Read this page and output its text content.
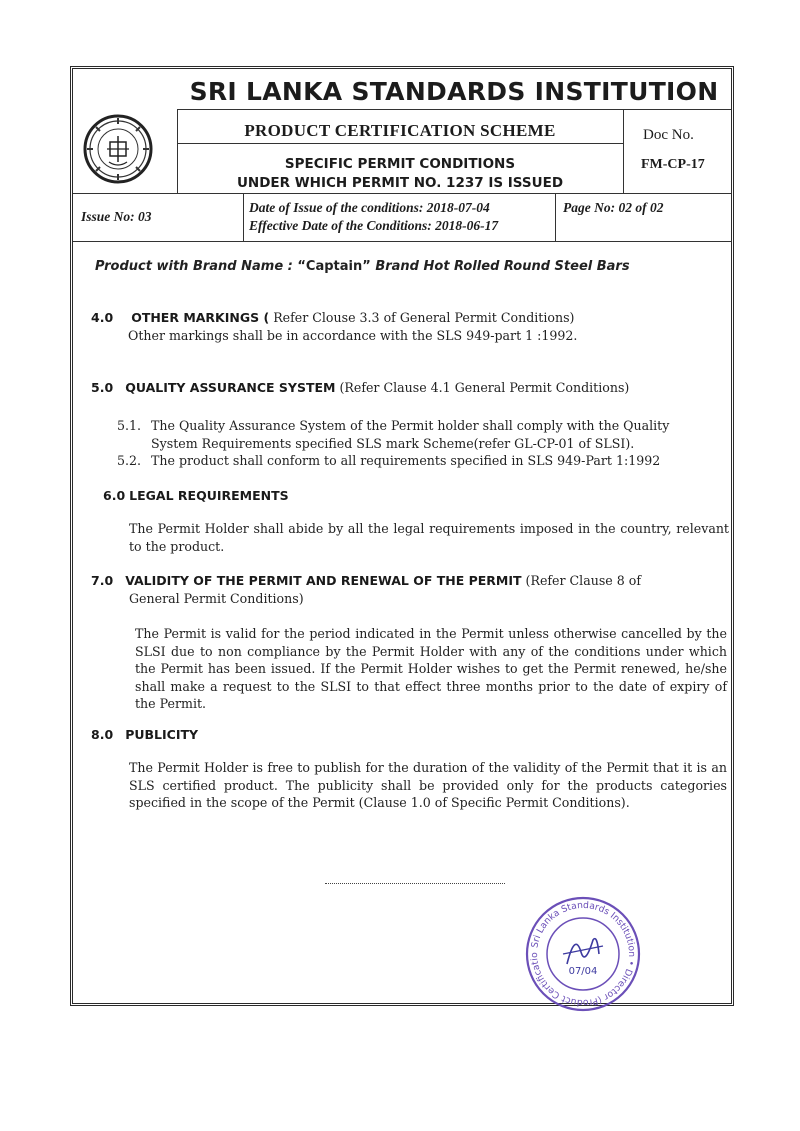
SRI LANKA STANDARDS INSTITUTION
PRODUCT CERTIFICATION SCHEME
SPECIFIC PERMIT CONDITIONS
UNDER WHICH PERMIT NO. 1237 IS ISSUED
Doc No.
FM-CP-17
Issue No: 03
Date of Issue of the conditions: 2018-07-04
Effective Date of the Conditions: 2018-06-17
Page No: 02 of 02
Product with Brand Name : “Captain” Brand Hot Rolled Round Steel Bars
4.0 OTHER MARKINGS ( Refer Clouse 3.3 of General Permit Conditions)
Other markings shall be in accordance with the SLS 949-part 1 :1992.
5.0 QUALITY ASSURANCE SYSTEM (Refer Clause 4.1 General Permit Conditions)
5.1. The Quality Assurance System of the Permit holder shall comply with the Quality
System Requirements specified SLS mark Scheme(refer GL-CP-01 of SLSI).
5.2. The product shall conform to all requirements specified in SLS 949-Part 1:1992
6.0 LEGAL REQUIREMENTS
The Permit Holder shall abide by all the legal requirements imposed in the country, relevant to the product.
7.0 VALIDITY OF THE PERMIT AND RENEWAL OF THE PERMIT (Refer Clause 8 of
General Permit Conditions)
The Permit is valid for the period indicated in the Permit unless otherwise cancelled by the SLSI due to non compliance by the Permit Holder with any of the conditions under which the Permit has been issued. If the Permit Holder wishes to get the Permit renewed, he/she shall make a request to the SLSI to that effect three months prior to the date of expiry of the Permit.
8.0 PUBLICITY
The Permit Holder is free to publish for the duration of the validity of the Permit that it is an SLS certified product. The publicity shall be provided only for the products categories specified in the scope of the Permit (Clause 1.0 of Specific Permit Conditions).
Sri Lanka Standards Institution • Director (Product Certification)
07/04
